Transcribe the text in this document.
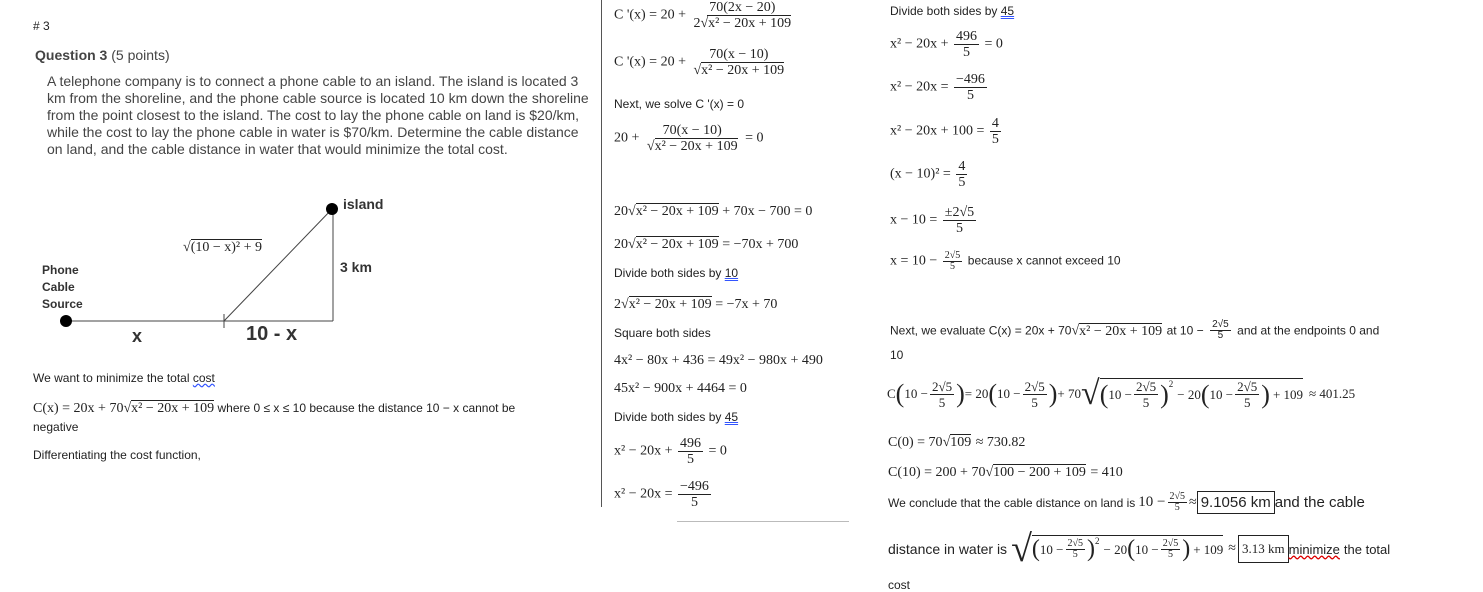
# 3
Question 3 (5 points)
A telephone company is to connect a phone cable to an island. The island is located 3 km from the shoreline, and the phone cable source is located 10 km down the shoreline from the point closest to the island. The cost to lay the phone cable on land is $20/km, while the cost to lay the phone cable in water is $70/km. Determine the cable distance on land, and the cable distance in water that would minimize the total cost.
island
3 km
Phone
Cable
Source
x	10 - x
√(10 − x)² + 9
We want to minimize the total cost
C(x) = 20x + 70√x² − 20x + 109 where 0 ≤ x ≤ 10 because the distance 10 − x cannot be
negative
Differentiating the cost function,
C '$(x) = 20 + \frac{70(2x - 20)}{\text{2√x² − 20x + 109}}$
C '$(x) = 20 + \frac{70(x - 10)}{\text{√x² − 20x + 109}}$
Next, we solve C '(x) = 0
$20 + \frac{70(x - 10)}{\text{√x² − 20x + 109}} = 0$
20√x² − 20x + 109 + 70x − 700 = 0
20√x² − 20x + 109 = −70x + 700
Divide both sides by 10
2√x² − 20x + 109 = −7x + 70
Square both sides
4x² − 80x + 436 = 49x² − 980x + 490
45x² − 900x + 4464 = 0
Divide both sides by 45
$x^2 - 20x + \frac{496}{5} = 0$
$x^2 - 20x = \frac{-496}{5}$
Divide both sides by 45
$x^2 - 20x + \frac{496}{5} = 0$
$x^2 - 20x = \frac{-496}{5}$
$x^2 - 20x + 100 = \frac{4}{5}$
$(x - 10)^2 = \frac{4}{5}$
$x - 10 = \frac{\pm 2√5}{5}$
$x = 10 - \frac{2√5}{5}$ because x cannot exceed 10
Next, we evaluate C(x) = 20x + 70√x² − 20x + 109 at $10 - \frac{2√5}{5}$ and at the endpoints 0 and
10
C ( $10 - \frac{2√5}{5}$ ) = 20 ( $10 - \frac{2√5}{5}$ ) + 70 √ ( $10 - \frac{2√5}{5} )^2$
− 20 ( $10 - \frac{2√5}{5}$ ) + 109 ≈ 401.25
C(0) = 70√109 ≈ 730.82
C(10) = 200 + 70√100 − 200 + 109 = 410
We conclude that the cable distance on land is $10 - \frac{2√5}{5} \approx 9.1056$ km and the cable
distance in water is √ ( $10 - \frac{2√5}{5} )^2$
− 20 ( $10 - \frac{2√5}{5}$ ) + 109 ≈ 3.13 km minimize the total
cost
